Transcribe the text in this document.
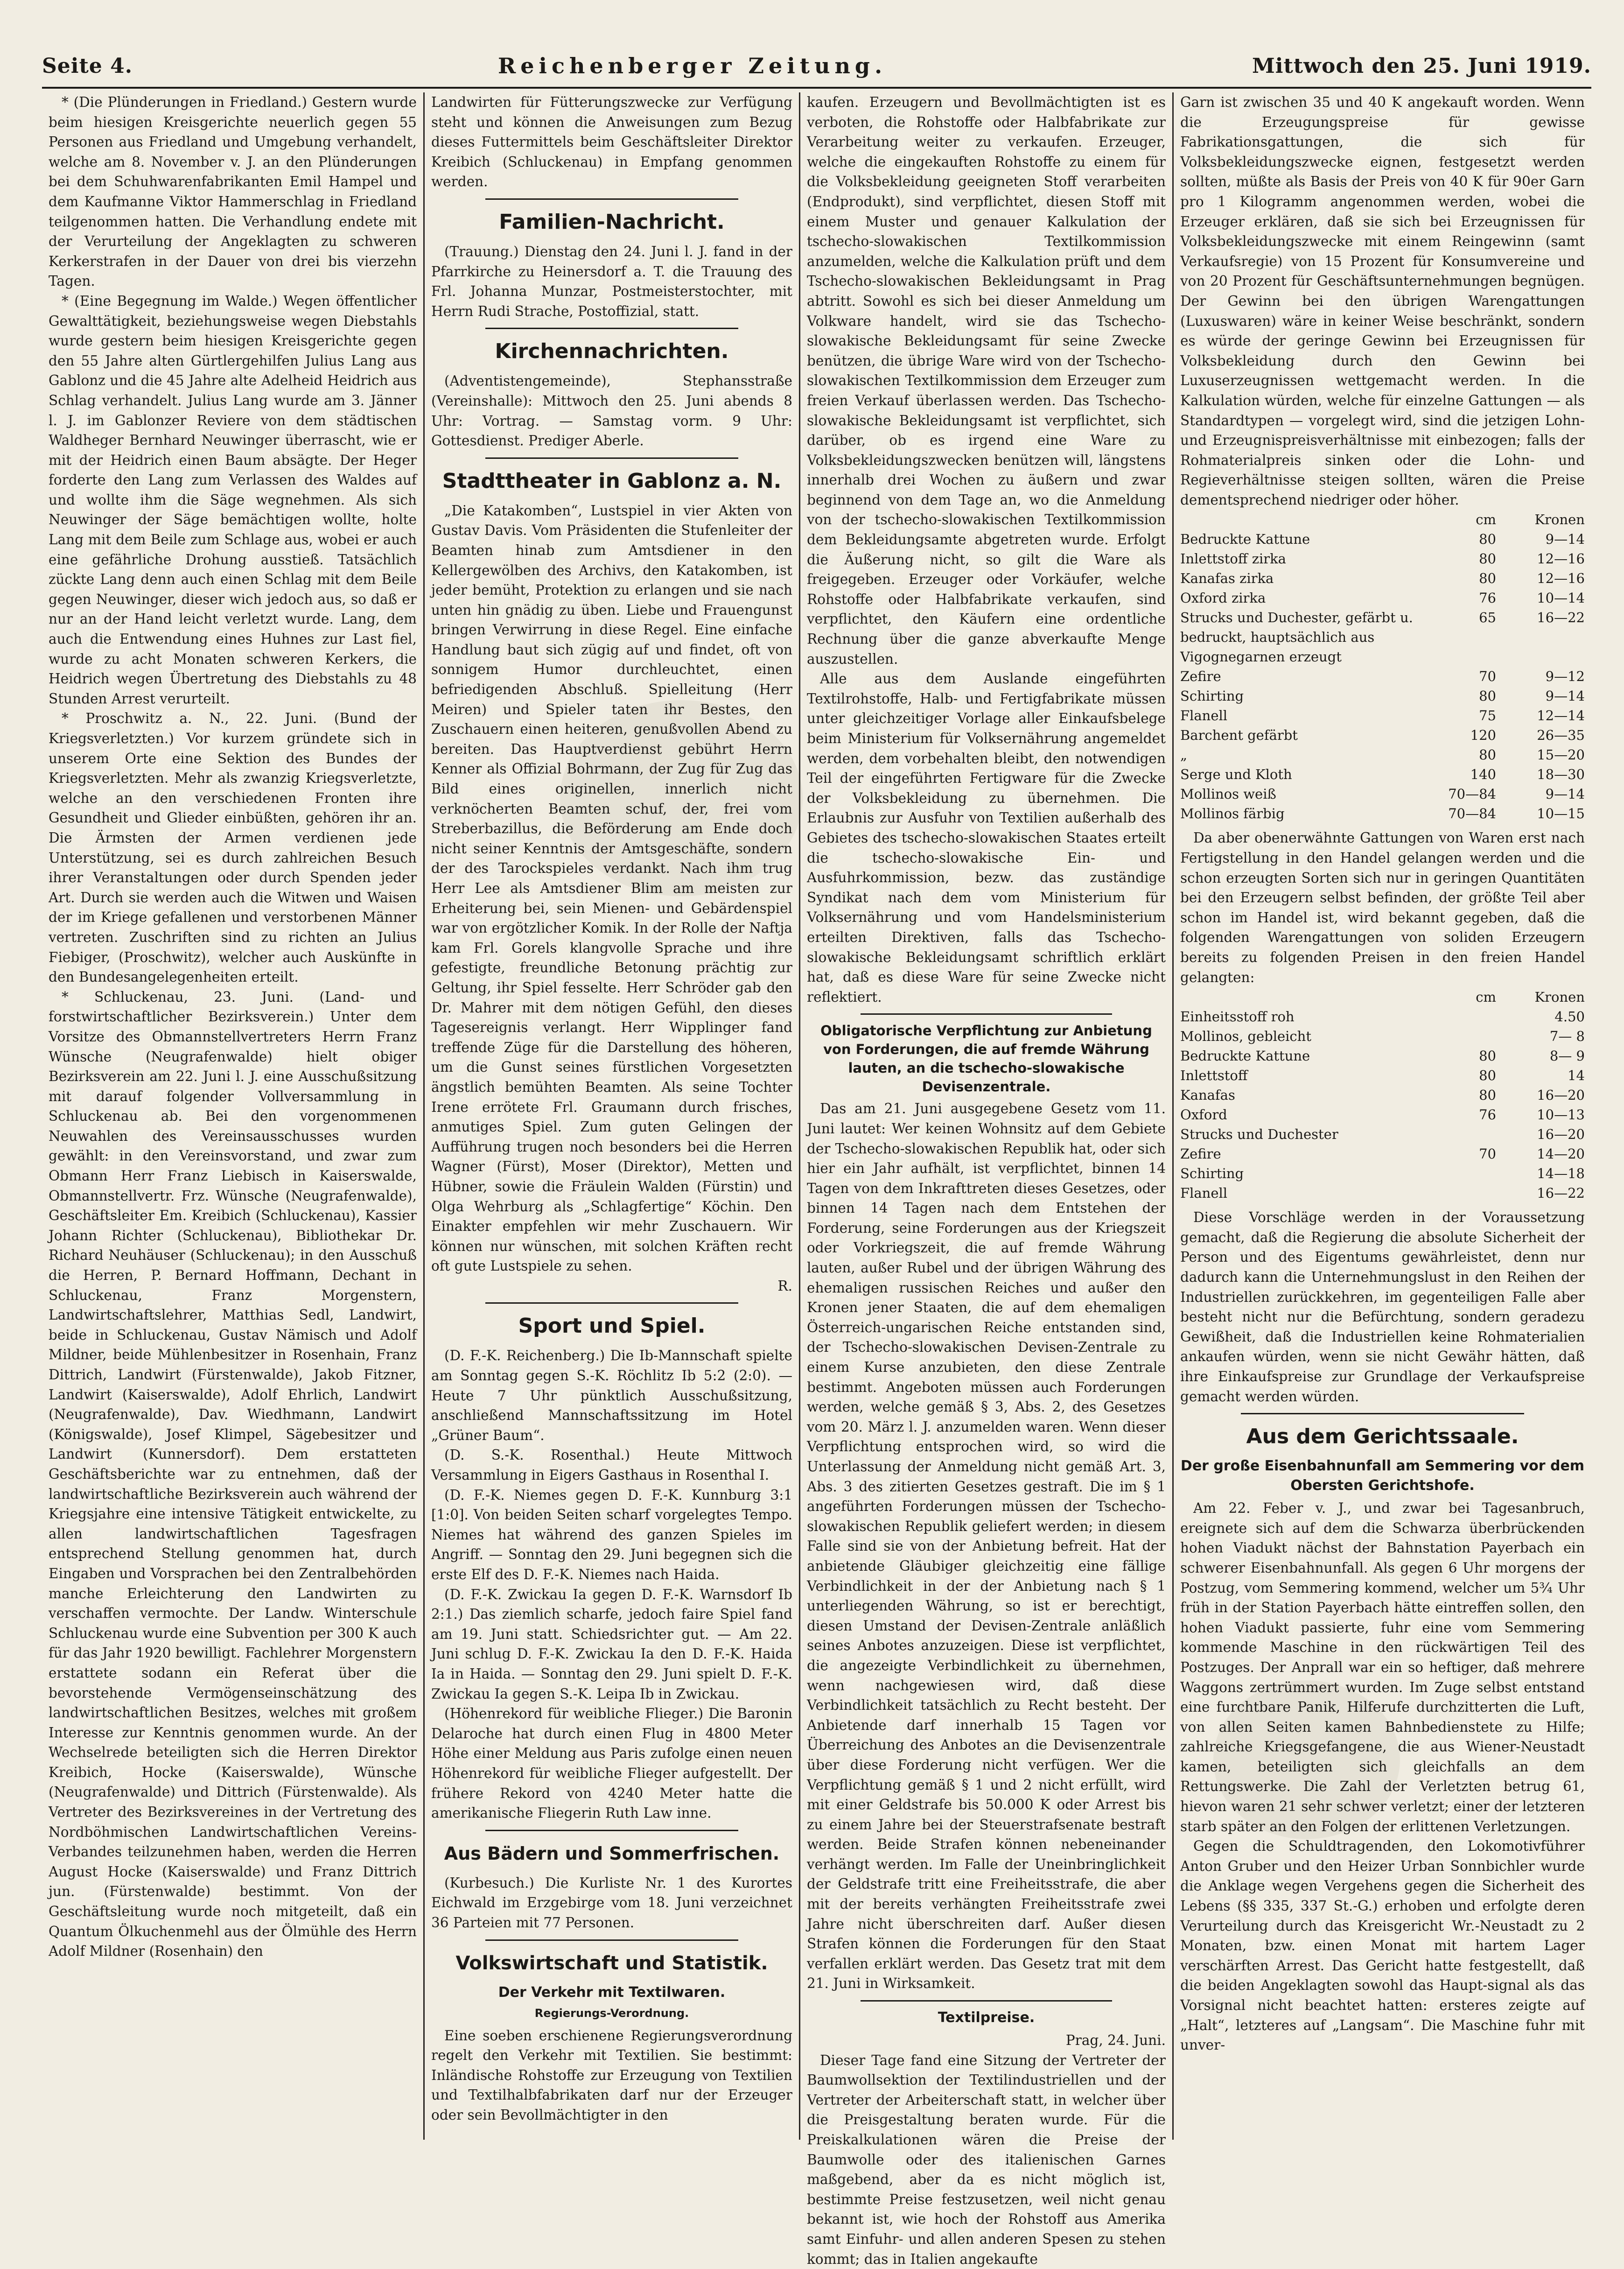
Seite 4.	Reichenberger Zeitung.	Mittwoch den 25. Juni 1919.

* (Die Plünderungen in Friedland.) Gestern wurde beim hiesigen Kreisgerichte neuerlich gegen 55 Personen aus Friedland und Umgebung verhandelt, welche am 8. November v. J. an den Plünderungen bei dem Schuhwarenfabrikanten Emil Hampel und dem Kaufmanne Viktor Hammerschlag in Friedland teilgenommen hatten. Die Verhandlung endete mit der Verurteilung der Angeklagten zu schweren Kerkerstrafen in der Dauer von drei bis vierzehn Tagen.

* (Eine Begegnung im Walde.) Wegen öffentlicher Gewalttätigkeit, beziehungsweise wegen Diebstahls wurde gestern beim hiesigen Kreisgerichte gegen den 55 Jahre alten Gürtlergehilfen Julius Lang aus Gablonz und die 45 Jahre alte Adelheid Heidrich aus Schlag verhandelt. Julius Lang wurde am 3. Jänner l. J. im Gablonzer Reviere von dem städtischen Waldheger Bernhard Neuwinger überrascht, wie er mit der Heidrich einen Baum absägte. Der Heger forderte den Lang zum Verlassen des Waldes auf und wollte ihm die Säge wegnehmen. Als sich Neuwinger der Säge bemächtigen wollte, holte Lang mit dem Beile zum Schlage aus, wobei er auch eine gefährliche Drohung ausstieß. Tatsächlich zückte Lang denn auch einen Schlag mit dem Beile gegen Neuwinger, dieser wich jedoch aus, so daß er nur an der Hand leicht verletzt wurde. Lang, dem auch die Entwendung eines Huhnes zur Last fiel, wurde zu acht Monaten schweren Kerkers, die Heidrich wegen Übertretung des Diebstahls zu 48 Stunden Arrest verurteilt.

* Proschwitz a. N., 22. Juni. (Bund der Kriegsverletzten.) Vor kurzem gründete sich in unserem Orte eine Sektion des Bundes der Kriegsverletzten. Mehr als zwanzig Kriegsverletzte, welche an den verschiedenen Fronten ihre Gesundheit und Glieder einbüßten, gehören ihr an. Die Ärmsten der Armen verdienen jede Unterstützung, sei es durch zahlreichen Besuch ihrer Veranstaltungen oder durch Spenden jeder Art. Durch sie werden auch die Witwen und Waisen der im Kriege gefallenen und verstorbenen Männer vertreten. Zuschriften sind zu richten an Julius Fiebiger, (Proschwitz), welcher auch Auskünfte in den Bundesangelegenheiten erteilt.

* Schluckenau, 23. Juni. (Land- und forstwirtschaftlicher Bezirksverein.) Unter dem Vorsitze des Obmannstellvertreters Herrn Franz Wünsche (Neugrafenwalde) hielt obiger Bezirksverein am 22. Juni l. J. eine Ausschußsitzung mit darauf folgender Vollversammlung in Schluckenau ab. Bei den vorgenommenen Neuwahlen des Vereinsausschusses wurden gewählt: in den Vereinsvorstand, und zwar zum Obmann Herr Franz Liebisch in Kaiserswalde, Obmannstellvertr. Frz. Wünsche (Neugrafenwalde), Geschäftsleiter Em. Kreibich (Schluckenau), Kassier Johann Richter (Schluckenau), Bibliothekar Dr. Richard Neuhäuser (Schluckenau); in den Ausschuß die Herren, P. Bernard Hoffmann, Dechant in Schluckenau, Franz Morgenstern, Landwirtschaftslehrer, Matthias Sedl, Landwirt, beide in Schluckenau, Gustav Nämisch und Adolf Mildner, beide Mühlenbesitzer in Rosenhain, Franz Dittrich, Landwirt (Fürstenwalde), Jakob Fitzner, Landwirt (Kaiserswalde), Adolf Ehrlich, Landwirt (Neugrafenwalde), Dav. Wiedhmann, Landwirt (Königswalde), Josef Klimpel, Sägebesitzer und Landwirt (Kunnersdorf). Dem erstatteten Geschäftsberichte war zu entnehmen, daß der landwirtschaftliche Bezirksverein auch während der Kriegsjahre eine intensive Tätigkeit entwickelte, zu allen landwirtschaftlichen Tagesfragen entsprechend Stellung genommen hat, durch Eingaben und Vorsprachen bei den Zentralbehörden manche Erleichterung den Landwirten zu verschaffen vermochte. Der Landw. Winterschule Schluckenau wurde eine Subvention per 300 K auch für das Jahr 1920 bewilligt. Fachlehrer Morgenstern erstattete sodann ein Referat über die bevorstehende Vermögenseinschätzung des landwirtschaftlichen Besitzes, welches mit großem Interesse zur Kenntnis genommen wurde. An der Wechselrede beteiligten sich die Herren Direktor Kreibich, Hocke (Kaiserswalde), Wünsche (Neugrafenwalde) und Dittrich (Fürstenwalde). Als Vertreter des Bezirksvereines in der Vertretung des Nordböhmischen Landwirtschaftlichen Vereins-Verbandes teilzunehmen haben, werden die Herren August Hocke (Kaiserswalde) und Franz Dittrich jun. (Fürstenwalde) bestimmt. Von der Geschäftsleitung wurde noch mitgeteilt, daß ein Quantum Ölkuchenmehl aus der Ölmühle des Herrn Adolf Mildner (Rosenhain) den

Landwirten für Fütterungszwecke zur Verfügung steht und können die Anweisungen zum Bezug dieses Futtermittels beim Geschäftsleiter Direktor Kreibich (Schluckenau) in Empfang genommen werden.

Familien-Nachricht.

(Trauung.) Dienstag den 24. Juni l. J. fand in der Pfarrkirche zu Heinersdorf a. T. die Trauung des Frl. Johanna Munzar, Postmeisterstochter, mit Herrn Rudi Strache, Postoffizial, statt.

Kirchennachrichten.

(Adventistengemeinde), Stephansstraße (Vereinshalle): Mittwoch den 25. Juni abends 8 Uhr: Vortrag. — Samstag vorm. 9 Uhr: Gottesdienst. Prediger Aberle.

Stadttheater in Gablonz a. N.

„Die Katakomben“, Lustspiel in vier Akten von Gustav Davis. Vom Präsidenten die Stufenleiter der Beamten hinab zum Amtsdiener in den Kellergewölben des Archivs, den Katakomben, ist jeder bemüht, Protektion zu erlangen und sie nach unten hin gnädig zu üben. Liebe und Frauengunst bringen Verwirrung in diese Regel. Eine einfache Handlung baut sich zügig auf und findet, oft von sonnigem Humor durchleuchtet, einen befriedigenden Abschluß. Spielleitung (Herr Meiren) und Spieler taten ihr Bestes, den Zuschauern einen heiteren, genußvollen Abend zu bereiten. Das Hauptverdienst gebührt Herrn Kenner als Offizial Bohrmann, der Zug für Zug das Bild eines originellen, innerlich nicht verknöcherten Beamten schuf, der, frei vom Streberbazillus, die Beförderung am Ende doch nicht seiner Kenntnis der Amtsgeschäfte, sondern der des Tarockspieles verdankt. Nach ihm trug Herr Lee als Amtsdiener Blim am meisten zur Erheiterung bei, sein Mienen- und Gebärdenspiel war von ergötzlicher Komik. In der Rolle der Naftja kam Frl. Gorels klangvolle Sprache und ihre gefestigte, freundliche Betonung prächtig zur Geltung, ihr Spiel fesselte. Herr Schröder gab den Dr. Mahrer mit dem nötigen Gefühl, den dieses Tagesereignis verlangt. Herr Wipplinger fand treffende Züge für die Darstellung des höheren, um die Gunst seines fürstlichen Vorgesetzten ängstlich bemühten Beamten. Als seine Tochter Irene errötete Frl. Graumann durch frisches, anmutiges Spiel. Zum guten Gelingen der Aufführung trugen noch besonders bei die Herren Wagner (Fürst), Moser (Direktor), Metten und Hübner, sowie die Fräulein Walden (Fürstin) und Olga Wehrburg als „Schlagfertige“ Köchin. Den Einakter empfehlen wir mehr Zuschauern. Wir können nur wünschen, mit solchen Kräften recht oft gute Lustspiele zu sehen.

R.
Sport und Spiel.

(D. F.-K. Reichenberg.) Die Ib-Mannschaft spielte am Sonntag gegen S.-K. Röchlitz Ib 5:2 (2:0). — Heute 7 Uhr pünktlich Ausschußsitzung, anschließend Mannschaftssitzung im Hotel „Grüner Baum“.

(D. S.-K. Rosenthal.) Heute Mittwoch Versammlung in Eigers Gasthaus in Rosenthal I.

(D. F.-K. Niemes gegen D. F.-K. Kunnburg 3:1 [1:0]. Von beiden Seiten scharf vorgelegtes Tempo. Niemes hat während des ganzen Spieles im Angriff. — Sonntag den 29. Juni begegnen sich die erste Elf des D. F.-K. Niemes nach Haida.

(D. F.-K. Zwickau Ia gegen D. F.-K. Warnsdorf Ib 2:1.) Das ziemlich scharfe, jedoch faire Spiel fand am 19. Juni statt. Schiedsrichter gut. — Am 22. Juni schlug D. F.-K. Zwickau Ia den D. F.-K. Haida Ia in Haida. — Sonntag den 29. Juni spielt D. F.-K. Zwickau Ia gegen S.-K. Leipa Ib in Zwickau.

(Höhenrekord für weibliche Flieger.) Die Baronin Delaroche hat durch einen Flug in 4800 Meter Höhe einer Meldung aus Paris zufolge einen neuen Höhenrekord für weibliche Flieger aufgestellt. Der frühere Rekord von 4240 Meter hatte die amerikanische Fliegerin Ruth Law inne.

Aus Bädern und Sommerfrischen.

(Kurbesuch.) Die Kurliste Nr. 1 des Kurortes Eichwald im Erzgebirge vom 18. Juni verzeichnet 36 Parteien mit 77 Personen.

Volkswirtschaft und Statistik.
Der Verkehr mit Textilwaren.
Regierungs-Verordnung.

Eine soeben erschienene Regierungsverordnung regelt den Verkehr mit Textilien. Sie bestimmt: Inländische Rohstoffe zur Erzeugung von Textilien und Textilhalbfabrikaten darf nur der Erzeuger oder sein Bevollmächtigter in den

kaufen. Erzeugern und Bevollmächtigten ist es verboten, die Rohstoffe oder Halbfabrikate zur Verarbeitung weiter zu verkaufen. Erzeuger, welche die eingekauften Rohstoffe zu einem für die Volksbekleidung geeigneten Stoff verarbeiten (Endprodukt), sind verpflichtet, diesen Stoff mit einem Muster und genauer Kalkulation der tschecho-slowakischen Textilkommission anzumelden, welche die Kalkulation prüft und dem Tschecho-slowakischen Bekleidungsamt in Prag abtritt. Sowohl es sich bei dieser Anmeldung um Volkware handelt, wird sie das Tschecho-slowakische Bekleidungsamt für seine Zwecke benützen, die übrige Ware wird von der Tschecho-slowakischen Textilkommission dem Erzeuger zum freien Verkauf überlassen werden. Das Tschecho-slowakische Bekleidungsamt ist verpflichtet, sich darüber, ob es irgend eine Ware zu Volksbekleidungszwecken benützen will, längstens innerhalb drei Wochen zu äußern und zwar beginnend von dem Tage an, wo die Anmeldung von der tschecho-slowakischen Textilkommission dem Bekleidungsamte abgetreten wurde. Erfolgt die Äußerung nicht, so gilt die Ware als freigegeben. Erzeuger oder Vorkäufer, welche Rohstoffe oder Halbfabrikate verkaufen, sind verpflichtet, den Käufern eine ordentliche Rechnung über die ganze abverkaufte Menge auszustellen.

Alle aus dem Auslande eingeführten Textilrohstoffe, Halb- und Fertigfabrikate müssen unter gleichzeitiger Vorlage aller Einkaufsbelege beim Ministerium für Volksernährung angemeldet werden, dem vorbehalten bleibt, den notwendigen Teil der eingeführten Fertigware für die Zwecke der Volksbekleidung zu übernehmen. Die Erlaubnis zur Ausfuhr von Textilien außerhalb des Gebietes des tschecho-slowakischen Staates erteilt die tschecho-slowakische Ein- und Ausfuhrkommission, bezw. das zuständige Syndikat nach dem vom Ministerium für Volksernährung und vom Handelsministerium erteilten Direktiven, falls das Tschecho-slowakische Bekleidungsamt schriftlich erklärt hat, daß es diese Ware für seine Zwecke nicht reflektiert.

Obligatorische Verpflichtung zur Anbietung von Forderungen, die auf fremde Währung lauten, an die tschecho-slowakische Devisenzentrale.

Das am 21. Juni ausgegebene Gesetz vom 11. Juni lautet: Wer keinen Wohnsitz auf dem Gebiete der Tschecho-slowakischen Republik hat, oder sich hier ein Jahr aufhält, ist verpflichtet, binnen 14 Tagen von dem Inkrafttreten dieses Gesetzes, oder binnen 14 Tagen nach dem Entstehen der Forderung, seine Forderungen aus der Kriegszeit oder Vorkriegszeit, die auf fremde Währung lauten, außer Rubel und der übrigen Währung des ehemaligen russischen Reiches und außer den Kronen jener Staaten, die auf dem ehemaligen Österreich-ungarischen Reiche entstanden sind, der Tschecho-slowakischen Devisen-Zentrale zu einem Kurse anzubieten, den diese Zentrale bestimmt. Angeboten müssen auch Forderungen werden, welche gemäß § 3, Abs. 2, des Gesetzes vom 20. März l. J. anzumelden waren. Wenn dieser Verpflichtung entsprochen wird, so wird die Unterlassung der Anmeldung nicht gemäß Art. 3, Abs. 3 des zitierten Gesetzes gestraft. Die im § 1 angeführten Forderungen müssen der Tschecho-slowakischen Republik geliefert werden; in diesem Falle sind sie von der Anbietung befreit. Hat der anbietende Gläubiger gleichzeitig eine fällige Verbindlichkeit in der der Anbietung nach § 1 unterliegenden Währung, so ist er berechtigt, diesen Umstand der Devisen-Zentrale anläßlich seines Anbotes anzuzeigen. Diese ist verpflichtet, die angezeigte Verbindlichkeit zu übernehmen, wenn nachgewiesen wird, daß diese Verbindlichkeit tatsächlich zu Recht besteht. Der Anbietende darf innerhalb 15 Tagen vor Überreichung des Anbotes an die Devisenzentrale über diese Forderung nicht verfügen. Wer die Verpflichtung gemäß § 1 und 2 nicht erfüllt, wird mit einer Geldstrafe bis 50.000 K oder Arrest bis zu einem Jahre bei der Steuerstrafsenate bestraft werden. Beide Strafen können nebeneinander verhängt werden. Im Falle der Uneinbringlichkeit der Geldstrafe tritt eine Freiheitsstrafe, die aber mit der bereits verhängten Freiheitsstrafe zwei Jahre nicht überschreiten darf. Außer diesen Strafen können die Forderungen für den Staat verfallen erklärt werden. Das Gesetz trat mit dem 21. Juni in Wirksamkeit.

Textilpreise.
Prag, 24. Juni.

Dieser Tage fand eine Sitzung der Vertreter der Baumwollsektion der Textilindustriellen und der Vertreter der Arbeiterschaft statt, in welcher über die Preisgestaltung beraten wurde. Für die Preiskalkulationen wären die Preise der Baumwolle oder des italienischen Garnes maßgebend, aber da es nicht möglich ist, bestimmte Preise festzusetzen, weil nicht genau bekannt ist, wie hoch der Rohstoff aus Amerika samt Einfuhr- und allen anderen Spesen zu stehen kommt; das in Italien angekaufte

Garn ist zwischen 35 und 40 K angekauft worden. Wenn die Erzeugungspreise für gewisse Fabrikationsgattungen, die sich für Volksbekleidungszwecke eignen, festgesetzt werden sollten, müßte als Basis der Preis von 40 K für 90er Garn pro 1 Kilogramm angenommen werden, wobei die Erzeuger erklären, daß sie sich bei Erzeugnissen für Volksbekleidungszwecke mit einem Reingewinn (samt Verkaufsregie) von 15 Prozent für Konsumvereine und von 20 Prozent für Geschäftsunternehmungen begnügen. Der Gewinn bei den übrigen Warengattungen (Luxuswaren) wäre in keiner Weise beschränkt, sondern es würde der geringe Gewinn bei Erzeugnissen für Volksbekleidung durch den Gewinn bei Luxuserzeugnissen wettgemacht werden. In die Kalkulation würden, welche für einzelne Gattungen — als Standardtypen — vorgelegt wird, sind die jetzigen Lohn- und Erzeugnispreisverhältnisse mit einbezogen; falls der Rohmaterialpreis sinken oder die Lohn- und Regieverhältnisse steigen sollten, wären die Preise dementsprechend niedriger oder höher.

	cm	Kronen
Bedruckte Kattune	80	9—14
Inlettstoff zirka	80	12—16
Kanafas zirka	80	12—16
Oxford zirka	76	10—14
Strucks und Duchester, gefärbt u. bedruckt, hauptsächlich aus Vigognegarnen erzeugt	65	16—22
Zefire	70	9—12
Schirting	80	9—14
Flanell	75	12—14
Barchent gefärbt	120	26—35
„	80	15—20
Serge und Kloth	140	18—30
Mollinos weiß	70—84	9—14
Mollinos färbig	70—84	10—15

Da aber obenerwähnte Gattungen von Waren erst nach Fertigstellung in den Handel gelangen werden und die schon erzeugten Sorten sich nur in geringen Quantitäten bei den Erzeugern selbst befinden, der größte Teil aber schon im Handel ist, wird bekannt gegeben, daß die folgenden Warengattungen von soliden Erzeugern bereits zu folgenden Preisen in den freien Handel gelangten:

	cm	Kronen
Einheitsstoff roh		4.50
Mollinos, gebleicht		7— 8
Bedruckte Kattune	80	8— 9
Inlettstoff	80	14
Kanafas	80	16—20
Oxford	76	10—13
Strucks und Duchester		16—20
Zefire	70	14—20
Schirting		14—18
Flanell		16—22

Diese Vorschläge werden in der Voraussetzung gemacht, daß die Regierung die absolute Sicherheit der Person und des Eigentums gewährleistet, denn nur dadurch kann die Unternehmungslust in den Reihen der Industriellen zurückkehren, im gegenteiligen Falle aber besteht nicht nur die Befürchtung, sondern geradezu Gewißheit, daß die Industriellen keine Rohmaterialien ankaufen würden, wenn sie nicht Gewähr hätten, daß ihre Einkaufspreise zur Grundlage der Verkaufspreise gemacht werden würden.

Aus dem Gerichtssaale.
Der große Eisenbahnunfall am Semmering vor dem Obersten Gerichtshofe.

Am 22. Feber v. J., und zwar bei Tagesanbruch, ereignete sich auf dem die Schwarza überbrückenden hohen Viadukt nächst der Bahnstation Payerbach ein schwerer Eisenbahnunfall. Als gegen 6 Uhr morgens der Postzug, vom Semmering kommend, welcher um 5¾ Uhr früh in der Station Payerbach hätte eintreffen sollen, den hohen Viadukt passierte, fuhr eine vom Semmering kommende Maschine in den rückwärtigen Teil des Postzuges. Der Anprall war ein so heftiger, daß mehrere Waggons zertrümmert wurden. Im Zuge selbst entstand eine furchtbare Panik, Hilferufe durchzitterten die Luft, von allen Seiten kamen Bahnbedienstete zu Hilfe; zahlreiche Kriegsgefangene, die aus Wiener-Neustadt kamen, beteiligten sich gleichfalls an dem Rettungswerke. Die Zahl der Verletzten betrug 61, hievon waren 21 sehr schwer verletzt; einer der letzteren starb später an den Folgen der erlittenen Verletzungen.

Gegen die Schuldtragenden, den Lokomotivführer Anton Gruber und den Heizer Urban Sonnbichler wurde die Anklage wegen Vergehens gegen die Sicherheit des Lebens (§§ 335, 337 St.-G.) erhoben und erfolgte deren Verurteilung durch das Kreisgericht Wr.-Neustadt zu 2 Monaten, bzw. einen Monat mit hartem Lager verschärften Arrest. Das Gericht hatte festgestellt, daß die beiden Angeklagten sowohl das Haupt-signal als das Vorsignal nicht beachtet hatten: ersteres zeigte auf „Halt“, letzteres auf „Langsam“. Die Maschine fuhr mit unver-
